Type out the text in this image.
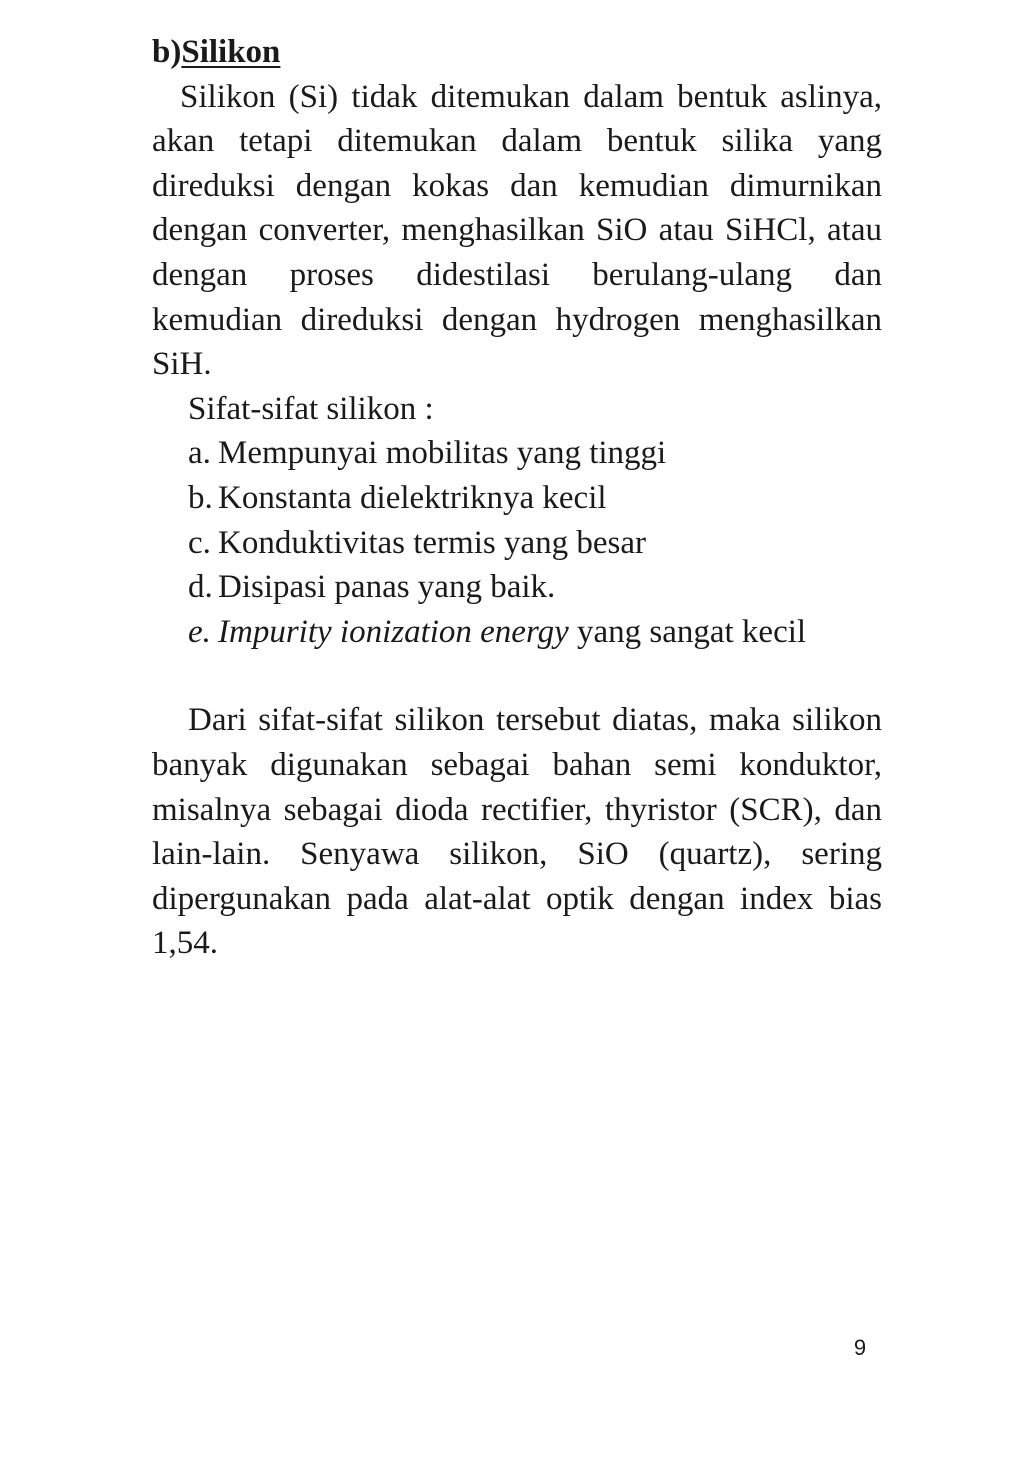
b)Silikon

Silikon (Si) tidak ditemukan dalam bentuk aslinya, akan tetapi ditemukan dalam bentuk silika yang direduksi dengan kokas dan kemudian dimurnikan dengan converter, menghasilkan SiO atau SiHCl, atau dengan proses didestilasi berulang-ulang dan kemudian direduksi dengan hydrogen menghasilkan SiH.

Sifat-sifat silikon :

a. Mempunyai mobilitas yang tinggi
b. Konstanta dielektriknya kecil
c. Konduktivitas termis yang besar
d. Disipasi panas yang baik.
e. Impurity ionization energy yang sangat kecil

Dari sifat-sifat silikon tersebut diatas, maka silikon banyak digunakan sebagai bahan semi konduktor, misalnya sebagai dioda rectifier, thyristor (SCR), dan lain-lain. Senyawa silikon, SiO (quartz), sering dipergunakan pada alat-alat optik dengan index bias 1,54.

9
